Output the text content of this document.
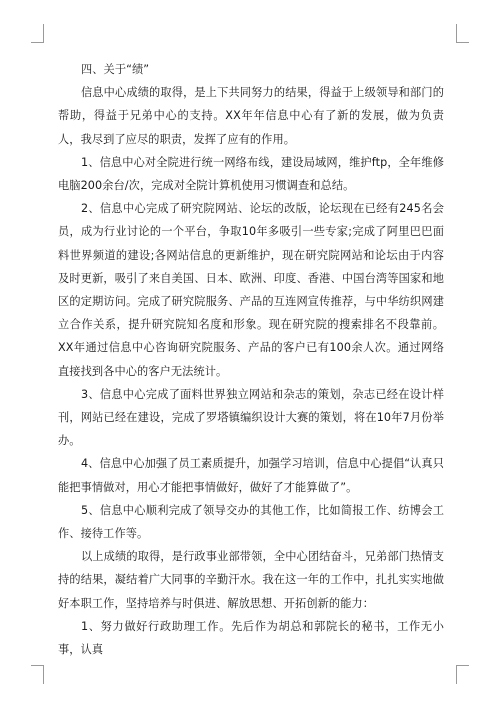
四、关于“绩”

信息中心成绩的取得，是上下共同努力的结果，得益于上级领导和部门的帮助，得益于兄弟中心的支持。XX年年信息中心有了新的发展，做为负责人，我尽到了应尽的职责，发挥了应有的作用。

1、信息中心对全院进行统一网络布线，建设局域网，维护ftp，全年维修电脑200余台/次，完成对全院计算机使用习惯调查和总结。

2、信息中心完成了研究院网站、论坛的改版，论坛现在已经有245名会员，成为行业讨论的一个平台，争取10年多吸引一些专家;完成了阿里巴巴面料世界频道的建设;各网站信息的更新维护，现在研究院网站和论坛由于内容及时更新，吸引了来自美国、日本、欧洲、印度、香港、中国台湾等国家和地区的定期访问。完成了研究院服务、产品的互连网宣传推荐，与中华纺织网建立合作关系，提升研究院知名度和形象。现在研究院的搜索排名不段靠前。XX年通过信息中心咨询研究院服务、产品的客户已有100余人次。通过网络直接找到各中心的客户无法统计。

3、信息中心完成了面料世界独立网站和杂志的策划，杂志已经在设计样刊，网站已经在建设，完成了罗塔镇编织设计大赛的策划，将在10年7月份举办。

4、信息中心加强了员工素质提升，加强学习培训，信息中心提倡“认真只能把事情做对，用心才能把事情做好，做好了才能算做了”。

5、信息中心顺利完成了领导交办的其他工作，比如简报工作、纺博会工作、接待工作等。

以上成绩的取得，是行政事业部带领，全中心团结奋斗，兄弟部门热情支持的结果，凝结着广大同事的辛勤汗水。我在这一年的工作中，扎扎实实地做好本职工作，坚持培养与时俱进、解放思想、开拓创新的能力：

1、努力做好行政助理工作。先后作为胡总和郭院长的秘书，工作无小事，认真
